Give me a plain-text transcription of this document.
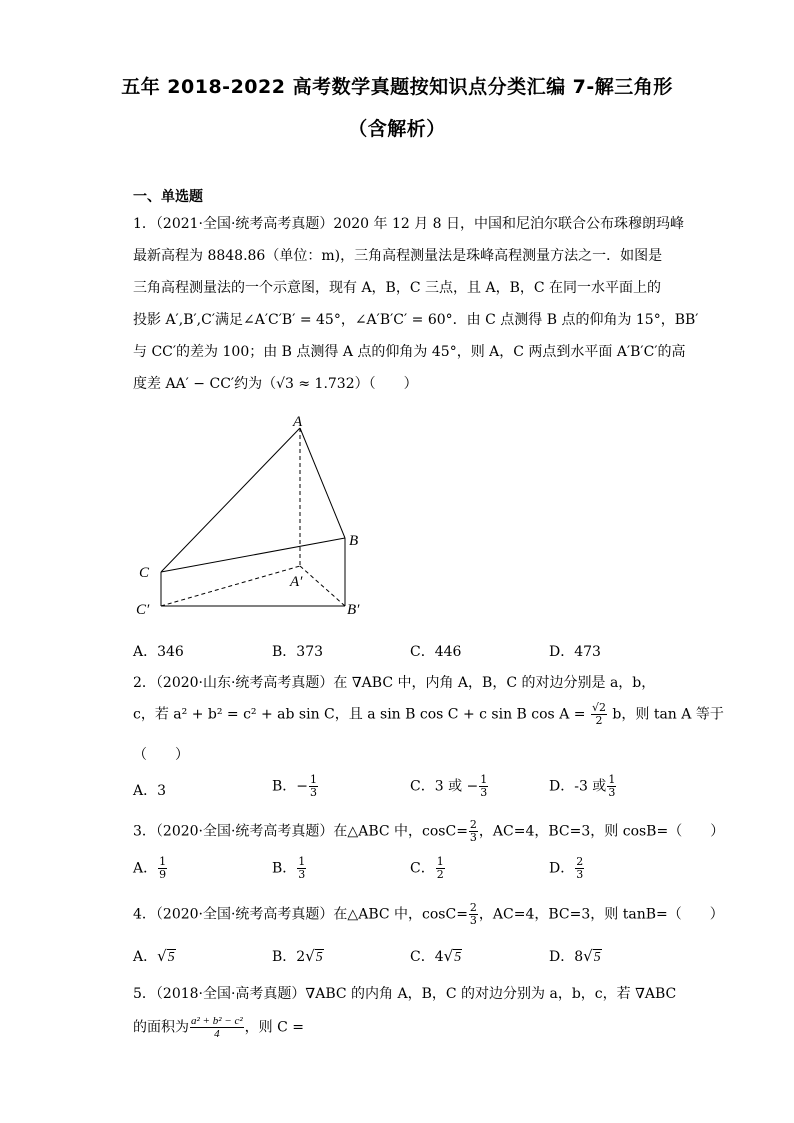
五年 2018-2022 高考数学真题按知识点分类汇编 7-解三角形
（含解析）
一、单选题
1．（2021·全国·统考高考真题）2020 年 12 月 8 日，中国和尼泊尔联合公布珠穆朗玛峰
最新高程为 8848.86（单位：m)，三角高程测量法是珠峰高程测量方法之一．如图是
三角高程测量法的一个示意图，现有 A，B，C 三点，且 A，B，C 在同一水平面上的
投影 A′,B′,C′满足∠A′C′B′ = 45°，∠A′B′C′ = 60°．由 C 点测得 B 点的仰角为 15°，BB′
与 CC′的差为 100；由 B 点测得 A 点的仰角为 45°，则 A，C 两点到水平面 A′B′C′的高
度差 AA′ − CC′约为（√3 ≈ 1.732）（　　）
A
B
C
A′
B′
C′
A．346	B．373	C．446	D．473
2．（2020·山东·统考高考真题）在 ∇ABC 中，内角 A，B，C 的对边分别是 a，b，
c，若 a² + b² = c² + ab sin C，且 a sin B cos C + c sin B $\cos A = \frac{√2}{2}$ b，则 tan A 等于
（　　）
A．3	B．− $\frac{1}{3}$	C．3 或 − $\frac{1}{3}$	D．-3 或 $\frac{1}{3}$
3．（2020·全国·统考高考真题）在△ABC 中，$\cos C= \frac{2}{3}$ ，AC=4，BC=3，则 cosB=（　　）
A． $\frac{1}{9}$	B． $\frac{1}{3}$	C． $\frac{1}{2}$	D． $\frac{2}{3}$
4．（2020·全国·统考高考真题）在△ABC 中，$\cos C= \frac{2}{3}$ ，AC=4，BC=3，则 tanB=（　　）
A．√5	B．2√5	C．4√5	D．8√5
5．（2018·全国·高考真题）∇ABC 的内角 A，B，C 的对边分别为 a，b，c，若 ∇ABC
的面积为 $\frac{\text{a² + b² − c²}}{4}$ ，则 C =
